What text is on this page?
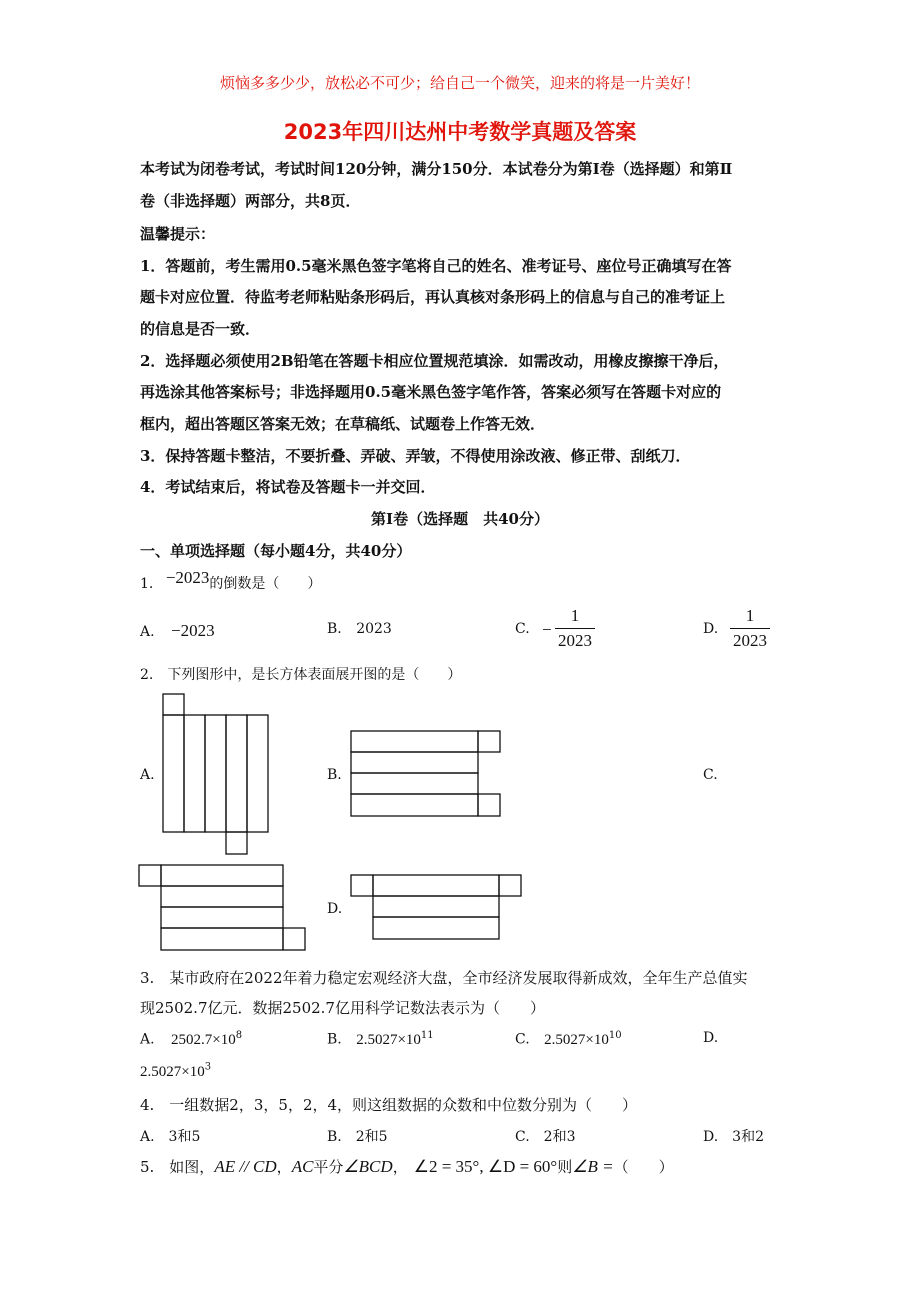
烦恼多多少少，放松必不可少；给自己一个微笑，迎来的将是一片美好！
2023年四川达州中考数学真题及答案
本考试为闭卷考试，考试时间120分钟，满分150分．本试卷分为第Ⅰ卷（选择题）和第Ⅱ
卷（非选择题）两部分，共8页．
温馨提示：
1．答题前，考生需用0.5毫米黑色签字笔将自己的姓名、准考证号、座位号正确填写在答
题卡对应位置．待监考老师粘贴条形码后，再认真核对条形码上的信息与自己的准考证上
的信息是否一致．
2．选择题必须使用2B铅笔在答题卡相应位置规范填涂．如需改动，用橡皮擦擦干净后，
再选涂其他答案标号；非选择题用0.5毫米黑色签字笔作答，答案必须写在答题卡对应的
框内，超出答题区答案无效；在草稿纸、试题卷上作答无效．
3．保持答题卡整洁，不要折叠、弄破、弄皱，不得使用涂改液、修正带、刮纸刀．
4．考试结束后，将试卷及答题卡一并交回．
第Ⅰ卷（选择题　共40分）
一、单项选择题（每小题4分，共40分）
1. −2023的倒数是（　　）
A. −2023	B. 2023	C. −
1
2023
D.
1
2023
2.　下列图形中，是长方体表面展开图的是（　　）
A.	B.	C.
D.
3.　某市政府在2022年着力稳定宏观经济大盘，全市经济发展取得新成效，全年生产总值实
现2502.7亿元．数据2502.7亿用科学记数法表示为（　　）
A. $2502.7\times 10^8$	B. $2.5027\times 10^{11}$	C. $2.5027\times 10^{10}$	D.
$2.5027\times 10^3$
4.　一组数据2，3，5，2，4，则这组数据的众数和中位数分别为（　　）
A.　3和5	B.　2和5	C.　2和3	D.　3和2
5.　如图，AE // CD，AC平分∠BCD， ∠2 = 35°, ∠D = 60°则∠B =（　　）
